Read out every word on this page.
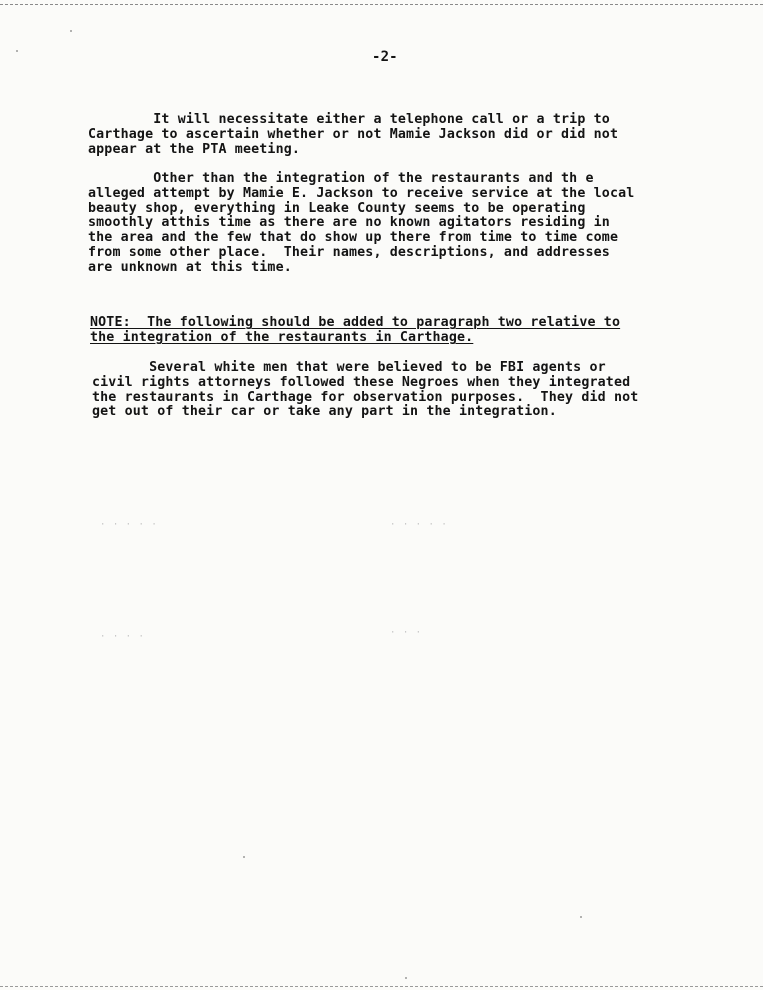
-2-
It will necessitate either a telephone call or a trip to
Carthage to ascertain whether or not Mamie Jackson did or did not
appear at the PTA meeting.
Other than the integration of the restaurants and th e
alleged attempt by Mamie E. Jackson to receive service at the local
beauty shop, everything in Leake County seems to be operating
smoothly atthis time as there are no known agitators residing in
the area and the few that do show up there from time to time come
from some other place.  Their names, descriptions, and addresses
are unknown at this time.
NOTE:  The following should be added to paragraph two relative to
the integration of the restaurants in Carthage.
Several white men that were believed to be FBI agents or
civil rights attorneys followed these Negroes when they integrated
the restaurants in Carthage for observation purposes.  They did not
get out of their car or take any part in the integration.
· · · · ·	· · · · ·
· · · ·	· · ·
